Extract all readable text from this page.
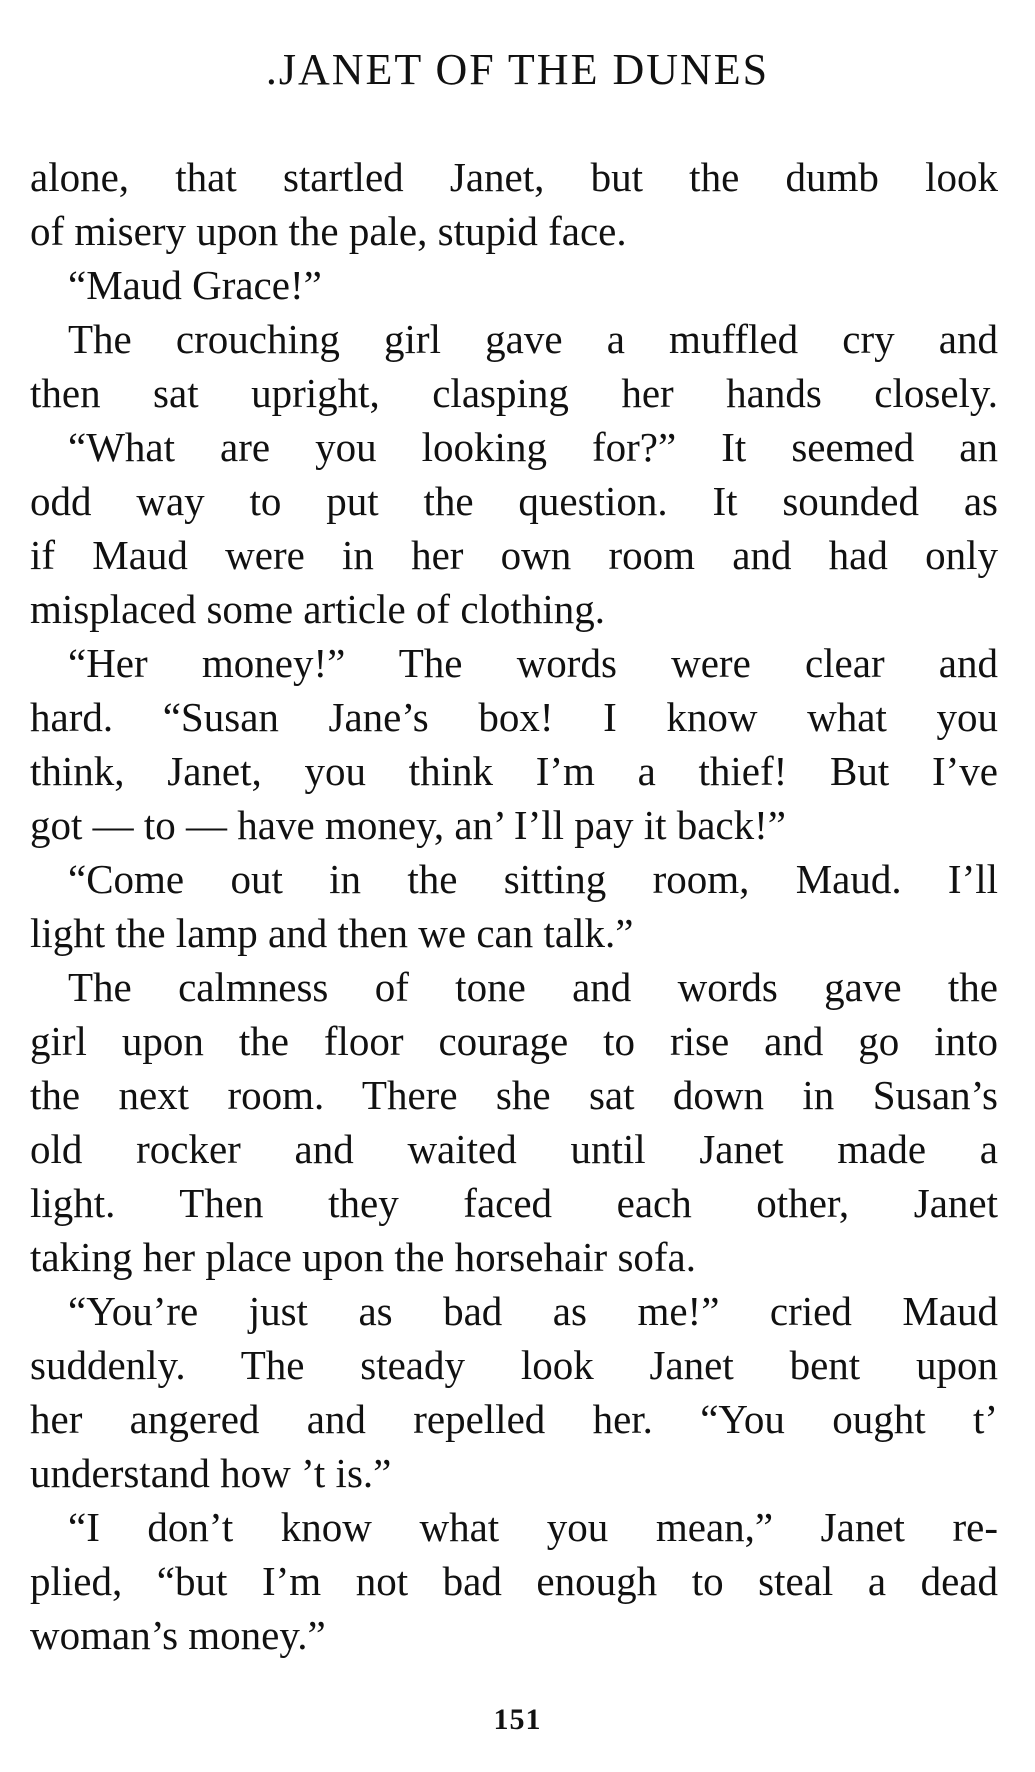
.JANET OF THE DUNES
alone, that startled Janet, but the dumb look
of misery upon the pale, stupid face.
“Maud Grace!”
The crouching girl gave a muffled cry and
then sat upright, clasping her hands closely.
“What are you looking for?” It seemed an
odd way to put the question. It sounded as
if Maud were in her own room and had only
misplaced some article of clothing.
“Her money!” The words were clear and
hard. “Susan Jane’s box! I know what you
think, Janet, you think I’m a thief! But I’ve
got — to — have money, an’ I’ll pay it back!”
“Come out in the sitting room, Maud. I’ll
light the lamp and then we can talk.”
The calmness of tone and words gave the
girl upon the floor courage to rise and go into
the next room. There she sat down in Susan’s
old rocker and waited until Janet made a
light. Then they faced each other, Janet
taking her place upon the horsehair sofa.
“You’re just as bad as me!” cried Maud
suddenly. The steady look Janet bent upon
her angered and repelled her. “You ought t’
understand how ’t is.”
“I don’t know what you mean,” Janet re-
plied, “but I’m not bad enough to steal a dead
woman’s money.”
151
